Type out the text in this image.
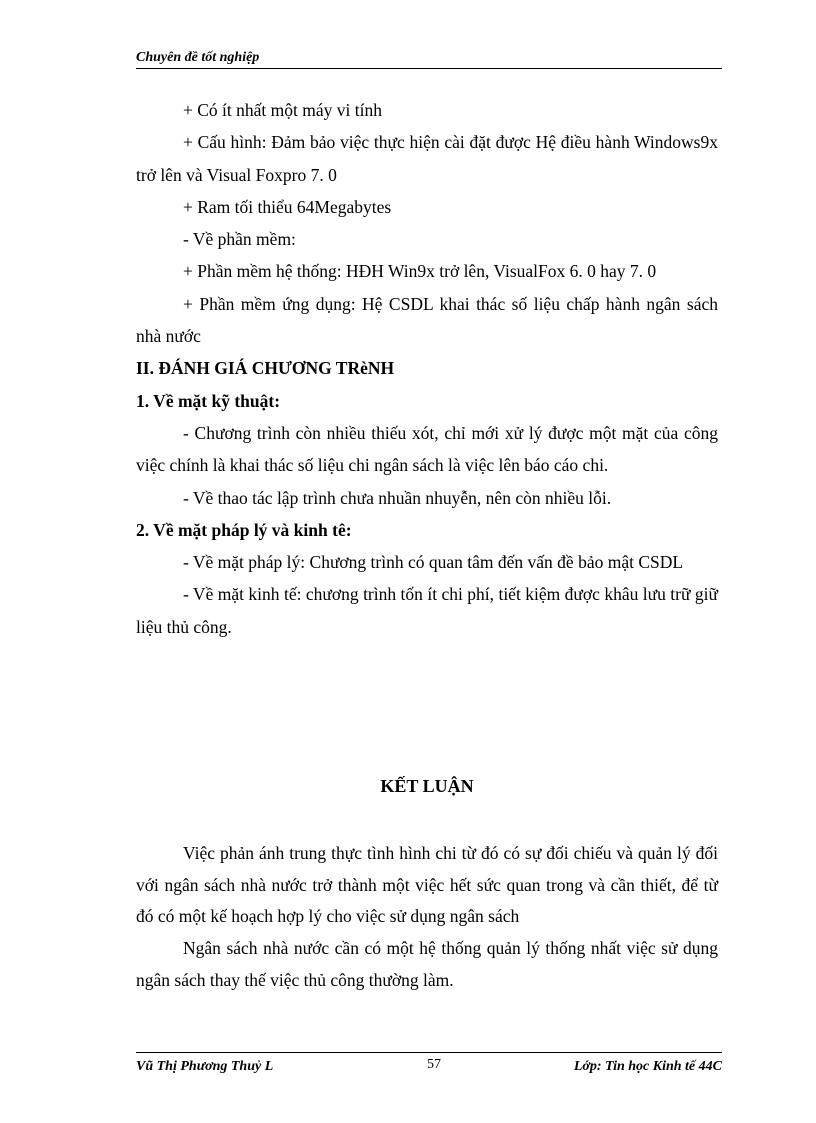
Chuyên đề tốt nghiệp

+ Có ít nhất một máy vi tính

+ Cấu hình: Đảm bảo việc thực hiện cài đặt được Hệ điều hành Windows9x trở lên và Visual Foxpro 7. 0

+ Ram tối thiểu 64Megabytes

- Về phần mềm:

+ Phần mềm hệ thống: HĐH Win9x trở lên, VisualFox 6. 0 hay 7. 0

+ Phần mềm ứng dụng: Hệ CSDL khai thác số liệu chấp hành ngân sách nhà nước

II. ĐÁNH GIÁ CHƯƠNG TRèNH

1. Về mặt kỹ thuật:

- Chương trình còn nhiều thiếu xót, chỉ mới xử lý được một mặt của công việc chính là khai thác số liệu chi ngân sách là việc lên báo cáo chi.

- Về thao tác lập trình chưa nhuần nhuyễn, nên còn nhiều lỗi.

2. Về mặt pháp lý và kinh tê:

- Về mặt pháp lý: Chương trình có quan tâm đến vấn đề bảo mật CSDL

- Về mặt kinh tế: chương trình tốn ít chi phí, tiết kiệm được khâu lưu trữ giữ liệu thủ công.

KẾT LUẬN

Việc phản ánh trung thực tình hình chi từ đó có sự đối chiếu và quản lý đối với ngân sách nhà nước trở thành một việc hết sức quan trong và cần thiết, để từ đó có một kế hoạch hợp lý cho việc sử dụng ngân sách

Ngân sách nhà nước cần có một hệ thống quản lý thống nhất việc sử dụng ngân sách thay thế việc thủ công thường làm.

Vũ Thị Phương Thuỷ L	57	Lớp: Tin học Kinh tế 44C
